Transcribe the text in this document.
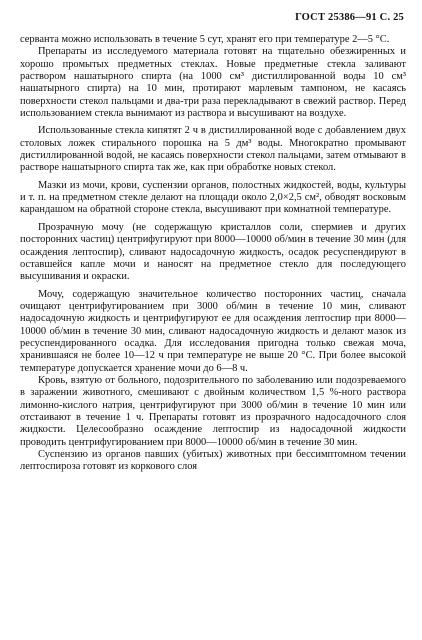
ГОСТ 25386—91 С. 25

серванта можно использовать в течение 5 сут, хранят его при температуре 2—5 °С.

Препараты из исследуемого материала готовят на тщательно обезжиренных и хорошо промытых предметных стеклах. Новые предметные стекла заливают раствором нашатырного спирта (на 1000 см³ дистиллированной воды 10 см³ нашатырного спирта) на 10 мин, протирают марлевым тампоном, не касаясь поверхности стекол пальцами и два-три раза перекладывают в свежий раствор. Перед использованием стекла вынимают из раствора и высушивают на воздухе.

Использованные стекла кипятят 2 ч в дистиллированной воде с добавлением двух столовых ложек стирального порошка на 5 дм³ воды. Многократно промывают дистиллированной водой, не касаясь поверхности стекол пальцами, затем отмывают в растворе нашатырного спирта так же, как при обработке новых стекол.

Мазки из мочи, крови, суспензии органов, полостных жидкостей, воды, культуры и т. п. на предметном стекле делают на площади около 2,0×2,5 см², обводят восковым карандашом на обратной стороне стекла, высушивают при комнатной температуре.

Прозрачную мочу (не содержащую кристаллов соли, спермиев и других посторонних частиц) центрифугируют при 8000—10000 об/мин в течение 30 мин (для осаждения лептоспир), сливают надосадочную жидкость, осадок ресуспендируют в оставшейся капле мочи и наносят на предметное стекло для последующего высушивания и окраски.

Мочу, содержащую значительное количество посторонних частиц, сначала очищают центрифугированием при 3000 об/мин в течение 10 мин, сливают надосадочную жидкость и центрифугируют ее для осаждения лептоспир при 8000—10000 об/мин в течение 30 мин, сливают надосадочную жидкость и делают мазок из ресуспендированного осадка. Для исследования пригодна только свежая моча, хранившаяся не более 10—12 ч при температуре не выше 20 °С. При более высокой температуре допускается хранение мочи до 6—8 ч.

Кровь, взятую от больного, подозрительного по заболеванию или подозреваемого в заражении животного, смешивают с двойным количеством 1,5 %-ного раствора лимонно-кислого натрия, центрифугируют при 3000 об/мин в течение 10 мин или отстаивают в течение 1 ч. Препараты готовят из прозрачного надосадочного слоя жидкости. Целесообразно осаждение лептоспир из надосадочной жидкости проводить центрифугированием при 8000—10000 об/мин в течение 30 мин.

Суспензию из органов павших (убитых) животных при бессимптомном течении лептоспироза готовят из коркового слоя
